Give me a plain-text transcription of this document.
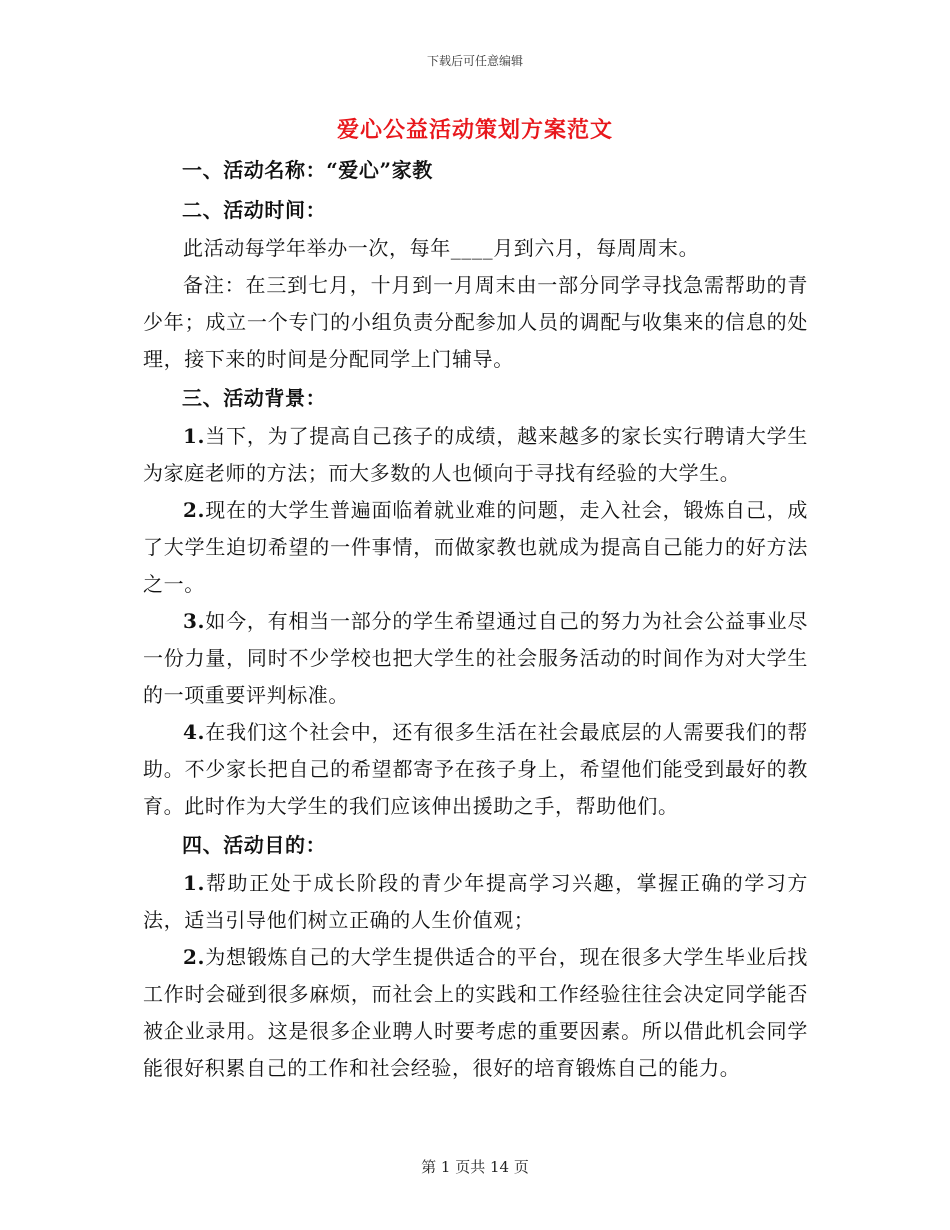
下载后可任意编辑
爱心公益活动策划方案范文
一、活动名称：“爱心”家教
二、活动时间：

此活动每学年举办一次，每年____月到六月，每周周末。

备注：在三到七月，十月到一月周末由一部分同学寻找急需帮助的青少年；成立一个专门的小组负责分配参加人员的调配与收集来的信息的处理，接下来的时间是分配同学上门辅导。

三、活动背景：

1.当下，为了提高自己孩子的成绩，越来越多的家长实行聘请大学生为家庭老师的方法；而大多数的人也倾向于寻找有经验的大学生。

2.现在的大学生普遍面临着就业难的问题，走入社会，锻炼自己，成了大学生迫切希望的一件事情，而做家教也就成为提高自己能力的好方法之一。

3.如今，有相当一部分的学生希望通过自己的努力为社会公益事业尽一份力量，同时不少学校也把大学生的社会服务活动的时间作为对大学生的一项重要评判标准。

4.在我们这个社会中，还有很多生活在社会最底层的人需要我们的帮助。不少家长把自己的希望都寄予在孩子身上，希望他们能受到最好的教育。此时作为大学生的我们应该伸出援助之手，帮助他们。

四、活动目的：

1.帮助正处于成长阶段的青少年提高学习兴趣，掌握正确的学习方法，适当引导他们树立正确的人生价值观；

2.为想锻炼自己的大学生提供适合的平台，现在很多大学生毕业后找工作时会碰到很多麻烦，而社会上的实践和工作经验往往会决定同学能否被企业录用。这是很多企业聘人时要考虑的重要因素。所以借此机会同学能很好积累自己的工作和社会经验，很好的培育锻炼自己的能力。

第 1 页共 14 页
